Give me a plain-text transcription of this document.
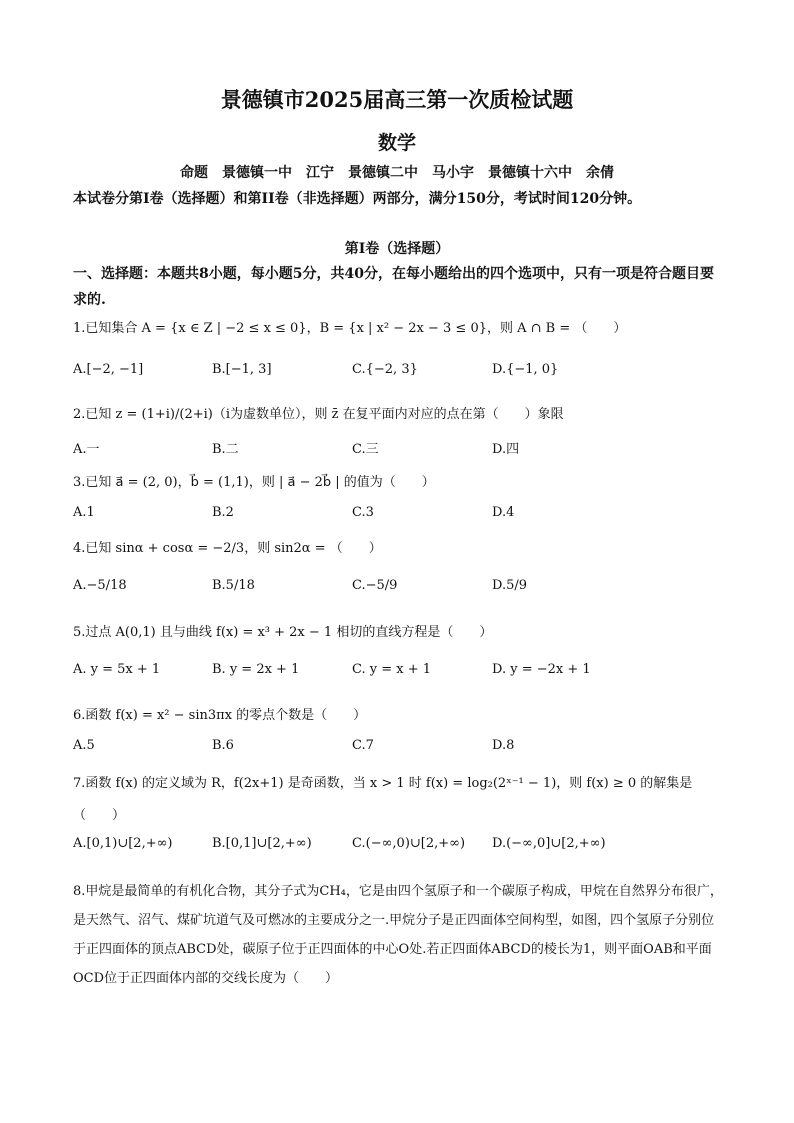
景德镇市2025届高三第一次质检试题
数学
命题　景德镇一中　江宁　景德镇二中　马小宇　景德镇十六中　余倩
本试卷分第I卷（选择题）和第II卷（非选择题）两部分，满分150分，考试时间120分钟。
第I卷（选择题）
一、选择题：本题共8小题，每小题5分，共40分，在每小题给出的四个选项中，只有一项是符合题目要求的.
1.已知集合 A = {x ∈ Z | −2 ≤ x ≤ 0}，B = {x | x² − 2x − 3 ≤ 0}，则 A ∩ B = （　　）
A.[−2, −1]	B.[−1, 3]	C.{−2, 3}	D.{−1, 0}
2.已知 z = (1+i)/(2+i)（i为虚数单位），则 z̄ 在复平面内对应的点在第（　　）象限
A.一	B.二	C.三	D.四
3.已知 a⃗ = (2, 0)，b⃗ = (1,1)，则 | a⃗ − 2b⃗ | 的值为（　　）
A.1	B.2	C.3	D.4
4.已知 sinα + cosα = −2/3，则 sin2α = （　　）
A.−5/18	B.5/18	C.−5/9	D.5/9
5.过点 A(0,1) 且与曲线 f(x) = x³ + 2x − 1 相切的直线方程是（　　）
A. y = 5x + 1	B. y = 2x + 1	C. y = x + 1	D. y = −2x + 1
6.函数 f(x) = x² − sin3πx 的零点个数是（　　）
A.5	B.6	C.7	D.8
7.函数 f(x) 的定义域为 R，f(2x+1) 是奇函数，当 x > 1 时 f(x) = log₂(2ˣ⁻¹ − 1)，则 f(x) ≥ 0 的解集是（　　）
A.[0,1)∪[2,+∞)	B.[0,1]∪[2,+∞)	C.(−∞,0)∪[2,+∞) D.(−∞,0]∪[2,+∞)
8.甲烷是最简单的有机化合物，其分子式为CH₄，它是由四个氢原子和一个碳原子构成，甲烷在自然界分布很广，是天然气、沼气、煤矿坑道气及可燃冰的主要成分之一.甲烷分子是正四面体空间构型，如图，四个氢原子分别位于正四面体的顶点ABCD处，碳原子位于正四面体的中心O处.若正四面体ABCD的棱长为1，则平面OAB和平面OCD位于正四面体内部的交线长度为（　　）
